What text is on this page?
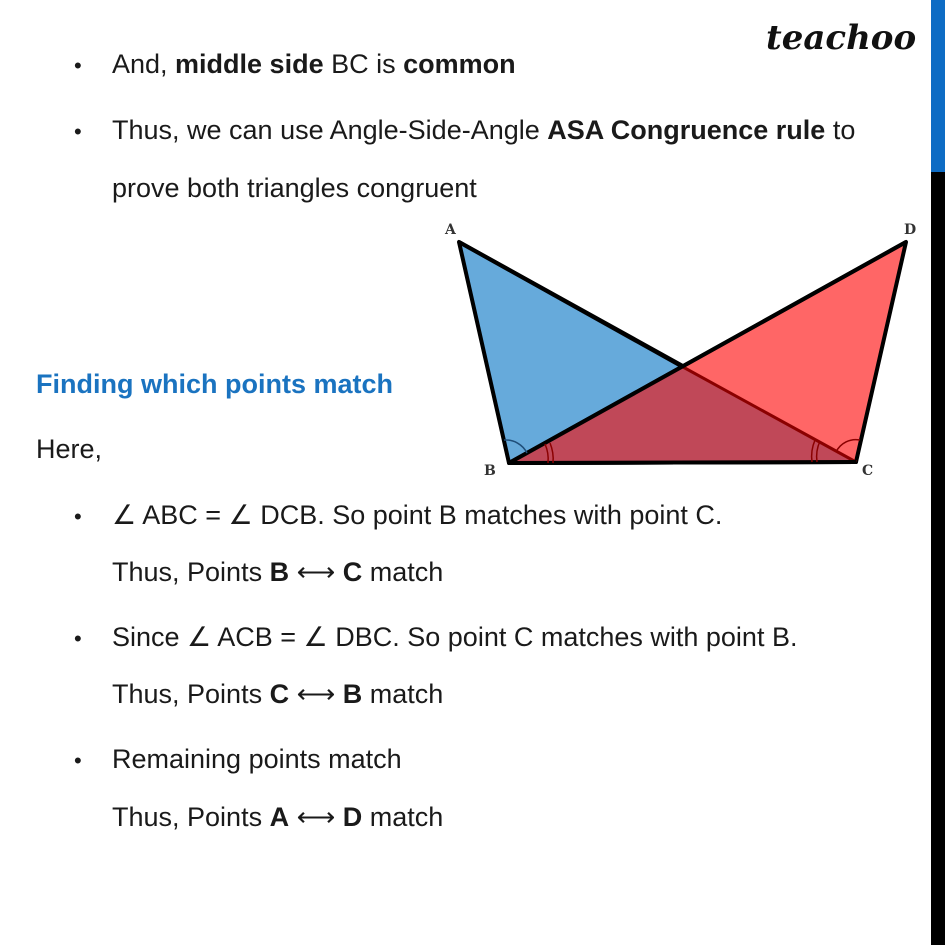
teachoo
• And, middle side BC is common
• Thus, we can use Angle-Side-Angle ASA Congruence rule to
prove both triangles congruent
A	D
B	C
Finding which points match
Here,
• ∠ ABC = ∠ DCB. So point B matches with point C.
Thus, Points B ⟷ C match
• Since ∠ ACB = ∠ DBC. So point C matches with point B.
Thus, Points C ⟷ B match
• Remaining points match
Thus, Points A ⟷ D match
